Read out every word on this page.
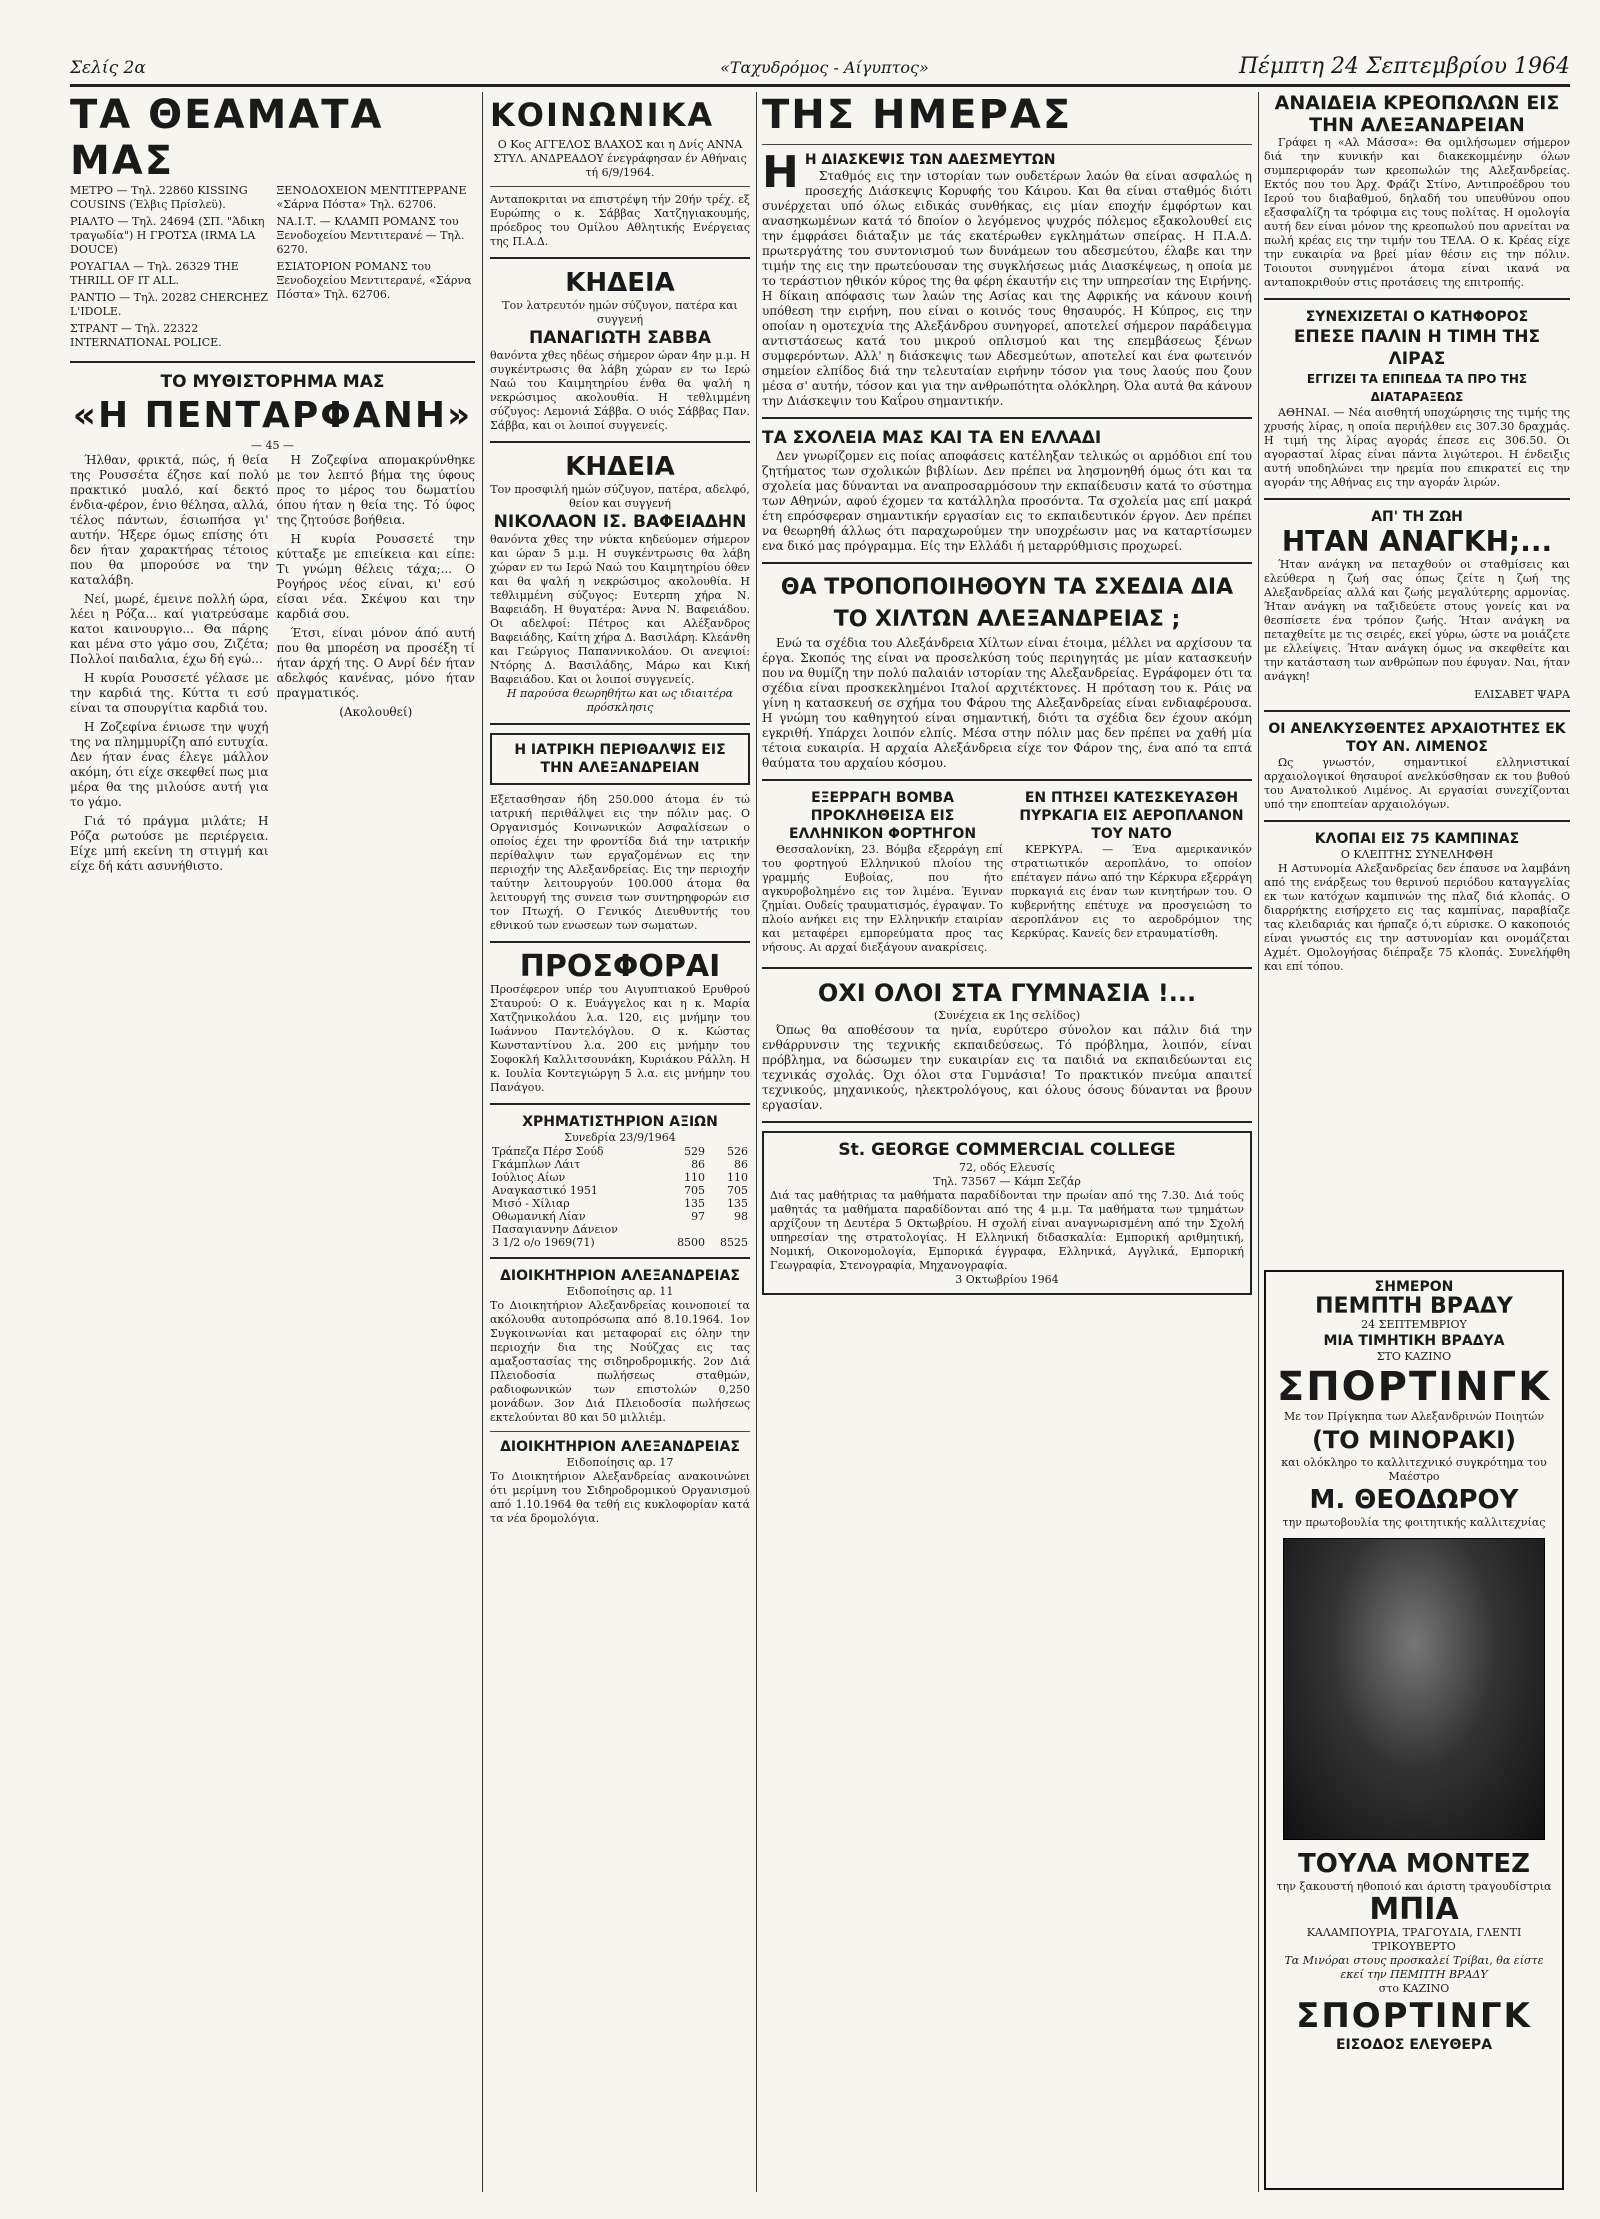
Σελίς 2α	«Ταχυδρόμος - Αίγυπτος»	Πέμπτη 24 Σεπτεμβρίου 1964
ΤΑ ΘΕΑΜΑΤΑ ΜΑΣ
ΜΕΤΡΟ — Τηλ. 22860 KISSING COUSINS (Έλβις Πρίσλεϋ).
ΡΙΑΛΤΟ — Τηλ. 24694 (ΣΠ. "Άδικη τραγωδία") Η ΓΡΟΤΣΑ (IRMA LA DOUCE)
ΡΟΥΑΓΙΑΛ — Τηλ. 26329 THE THRILL OF IT ALL.
ΡΑΝΤΙΟ — Τηλ. 20282 CHERCHEZ L'IDOLE.
ΣΤΡΑΝΤ — Τηλ. 22322 INTERNATIONAL POLICE.
ΞΕΝΟΔΟΧΕΙΟΝ ΜΕΝΤΙΤΕΡΡΑΝΕ «Σάρνα Πόστα» Τηλ. 62706.
ΝΑ.Ι.Τ. — ΚΛΑΜΠ ΡΟΜΑΝΣ του Ξενοδοχείου Μεντιτερανέ — Τηλ. 6270.
ΕΣΙΑΤΟΡΙΟΝ ΡΟΜΑΝΣ του Ξενοδοχείου Μεντιτερανέ, «Σάρνα Πόστα» Τηλ. 62706.
ΤΟ ΜΥΘΙΣΤΟΡΗΜΑ ΜΑΣ
«Η ΠΕΝΤΑΡΦΑΝΗ»
— 45 —

Ήλθαν, φρικτά, πώς, ή θεία της Ρουσσέτα έζησε καί πολύ πρακτικό μυαλό, καί δεκτό ένδια-φέρον, ένιο θέλησα, αλλά, τέλος πάντων, έσιωπήσα γι' αυτήν. Ήξερε όμως επίσης ότι δεν ήταν χαρακτήρας τέτοιος που θα μπορούσε να την καταλάβη.

Νεί, μωρέ, έμεινε πολλή ώρα, λέει η Ρόζα... καί γιατρεύσαμε κατοι καινουργιο... Θα πάρης και μένα στο γάμο σου, Ζιζέτα; Πολλοί παιδαλια, έχω δή εγώ...

Η κυρία Ρουσσετέ γέλασε με την καρδιά της. Κύττα τι εσύ είναι τα σπουργίτια καρδιά του.

Η Ζοζεφίνα ένιωσε την ψυχή της να πλημμυρίζη από ευτυχία. Δεν ήταν ένας έλεγε μάλλον ακόμη, ότι είχε σκεφθεί πως μια μέρα θα της μιλούσε αυτή για το γάμο.

Γιά τό πράγμα μιλάτε; Η Ρόζα ρωτούσε με περιέργεια. Είχε μπή εκείνη τη στιγμή και είχε δή κάτι ασυνήθιστο.

Η Ζοζεφίνα απομακρύνθηκε με τον λεπτό βήμα της ύφους προς το μέρος του δωματίου όπου ήταν η θεία της. Τό ύφος της ζητούσε βοήθεια.

Η κυρία Ρουσσετέ την κύτταξε με επιείκεια και είπε: Τι γνώμη θέλεις τάχα;... Ο Ρογήρος νέος είναι, κι' εσύ είσαι νέα. Σκέψου και την καρδιά σου.

Έτσι, είναι μόνον άπό αυτή που θα μπορέση να προσέξη τί ήταν άρχή της. Ο Ανρί δέν ήταν αδελφός κανένας, μόνο ήταν πραγματικός.

(Ακολουθεί)

ΚΟΙΝΩΝΙΚΑ
Ο Κος ΑΓΓΕΛΟΣ ΒΛΑΧΟΣ και η Δνίς ΑΝΝΑ ΣΤΥΛ. ΑΝΔΡΕΑΔΟΥ ένεγράφησαν έν Αθήναις τή 6/9/1964.
Ανταποκριται να επιστρέψη τήν 20ήν τρέχ. εξ Ευρώπης ο κ. Σάββας Χατζηγιακουμής, πρόεδρος του Ομίλου Αθλητικής Ενέργειας της Π.Α.Δ.
ΚΗΔΕΙΑ
Τον λατρευτόν ημών σύζυγον, πατέρα και συγγενή
ΠΑΝΑΓΙΩΤΗ ΣΑΒΒΑ
θανόντα χθες ηδέως σήμερον ώραν 4ην μ.μ. Η συγκέντρωσις θα λάβη χώραν εν τω Ιερώ Ναώ του Καιμητηρίου ένθα θα ψαλή η νεκρώσιμος ακολουθία. Η τεθλιμμένη σύζυγος: Λεμονιά Σάββα. Ο υιός Σάββας Παν. Σάββα, και οι λοιποί συγγενείς.
ΚΗΔΕΙΑ
Τον προσφιλή ημών σύζυγον, πατέρα, αδελφό, θείον και συγγενή
ΝΙΚΟΛΑΟΝ ΙΣ. ΒΑΦΕΙΑΔΗΝ
θανόντα χθες την νύκτα κηδεύομεν σήμερον και ώραν 5 μ.μ. Η συγκέντρωσις θα λάβη χώραν εν τω Ιερώ Ναώ του Καιμητηρίου όθεν και θα ψαλή η νεκρώσιμος ακολουθία. Η τεθλιμμένη σύζυγος: Ευτερπη χήρα Ν. Βαφειάδη. Η θυγατέρα: Άννα Ν. Βαφειάδου. Οι αδελφοί: Πέτρος και Αλέξανδρος Βαφειάδης, Καίτη χήρα Δ. Βασιλάρη. Κλεάνθη και Γεώργιος Παπαννικολάου. Οι ανεψιοί: Ντόρης Δ. Βασιλάδης, Μάρω και Κική Βαφειάδου. Και οι λοιποί συγγενείς.
Η παρούσα θεωρηθήτω και ως ιδιαιτέρα πρόσκλησις
Η ΙΑΤΡΙΚΗ ΠΕΡΙΘΑΛΨΙΣ ΕΙΣ ΤΗΝ ΑΛΕΞΑΝΔΡΕΙΑΝ
Εξετασθησαν ήδη 250.000 άτομα έν τώ ιατρική περιθάλψει εις την πόλιν μας. Ο Οργανισμός Κοινωνικών Ασφαλίσεων ο οποίος έχει την φροντίδα διά την ιατρικήν περίθαλψιν των εργαζομένων εις την περιοχήν της Αλεξανδρείας. Εις την περιοχήν ταύτην λειτουργούν 100.000 άτομα θα λειτουργή της συνεισ των συντηρηφορών εισ τον Πτωχή. Ο Γενικός Διευθυντής του εθνικού των ενωσεων των σωματων.
ΠΡΟΣΦΟΡΑΙ
Προσέφερον υπέρ του Αιγυπτιακού Ερυθρού Σταυρού: Ο κ. Ευάγγελος και η κ. Μαρία Χατζηνικολάου λ.α. 120, εις μνήμην του Ιωάννου Παντελόγλου. Ο κ. Κώστας Κωνσταντίνου λ.α. 200 εις μνήμην του Σοφοκλή Καλλιτσουνάκη, Κυριάκου Ράλλη. Η κ. Ιουλία Κοντεγιώργη 5 λ.α. εις μνήμην του Πανάγου.
ΧΡΗΜΑΤΙΣΤΗΡΙΟΝ ΑΞΙΩΝ
Συνεδρία 23/9/1964
Τράπεζα Πέρσ Σούδ	529	526
Γκάμπλων Λάιτ	86	86
Ιούλιος Αίων	110	110
Αναγκαστικό 1951	705	705
Μισό - Χίλιαρ	135	135
Οθωμανική Λίαν	97	98
Πασαγιαννην Δάνειον		
3 1/2 ο/ο 1969(71)	8500	8525
ΔΙΟΙΚΗΤΗΡΙΟΝ ΑΛΕΞΑΝΔΡΕΙΑΣ
Ειδοποίησις αρ. 11
Το Διοικητήριον Αλεξανδρείας κοινοποιεί τα ακόλουθα αυτοπρόσωπα από 8.10.1964. 1ον Συγκοινωνίαι και μεταφοραί εις όλην την περιοχήν δια της Νούζχας εις τας αμαξοστασίας της σιδηροδρομικής. 2ον Διά Πλειοδοσία πωλήσεως σταθμών, ραδιοφωνικών των επιστολών 0,250 μονάδων. 3ον Διά Πλειοδοσία πωλήσεως εκτελούνται 80 και 50 μιλλιέμ.
ΔΙΟΙΚΗΤΗΡΙΟΝ ΑΛΕΞΑΝΔΡΕΙΑΣ
Ειδοποίησις αρ. 17
Το Διοικητήριον Αλεξανδρείας ανακοινώνει ότι μερίμνη του Σιδηροδρομικού Οργανισμού από 1.10.1964 θα τεθή εις κυκλοφορίαν κατά τα νέα δρομολόγια.
ΤΗΣ ΗΜΕΡΑΣ
Η Η ΔΙΑΣΚΕΨΙΣ ΤΩΝ ΑΔΕΣΜΕΥΤΩΝ

Σταθμός εις την ιστορίαν των ουδετέρων λαών θα είναι ασφαλώς η προσεχής Διάσκεψις Κορυφής του Κάιρου. Και θα είναι σταθμός διότι συνέρχεται υπό όλως ειδικάς συνθήκας, εις μίαν εποχήν έμφόρτων και ανασηκωμένων κατά τό δποίον ο λεγόμενος ψυχρός πόλεμος εξακολουθεί εις την έμφράσει διάταξιν με τάς εκατέρωθεν εγκλημάτων σπείρας. Η Π.Α.Δ. πρωτεργάτης του συντονισμού των δυνάμεων του αδεσμεύτου, έλαβε και την τιμήν της εις την πρωτεύουσαν της συγκλήσεως μιάς Διασκέψεως, η οποία με το τεράστιον ηθικόν κύρος της θα φέρη έκαυτήν εις την υπηρεσίαν της Ειρήνης. Η δίκαιη απόφασις των λαών της Ασίας και της Αφρικής να κάνουν κοινή υπόθεση την ειρήνη, που είναι ο κοινός τους θησαυρός. Η Κύπρος, εις την οποίαν η ομοτεχνία της Αλεξάνδρου συνηγορεί, αποτελεί σήμερον παράδειγμα αντιστάσεως κατά του μικρού οπλισμού και της επεμβάσεως ξένων συμφερόντων. Αλλ' η διάσκεψις των Αδεσμεύτων, αποτελεί και ένα φωτεινόν σημείον ελπίδος διά την τελευταίαν ειρήνην τόσον για τους λαούς που ζουν μέσα σ' αυτήν, τόσον και για την ανθρωπότητα ολόκληρη. Όλα αυτά θα κάνουν την Διάσκεψιν του Καΐρου σημαντικήν.

ΤΑ ΣΧΟΛΕΙΑ ΜΑΣ ΚΑΙ ΤΑ ΕΝ ΕΛΛΑΔΙ

Δεν γνωρίζομεν εις ποίας αποφάσεις κατέληξαν τελικώς οι αρμόδιοι επί του ζητήματος των σχολικών βιβλίων. Δεν πρέπει να λησμονηθή όμως ότι και τα σχολεία μας δύνανται να αναπροσαρμόσουν την εκπαίδευσιν κατά το σύστημα των Αθηνών, αφού έχομεν τα κατάλληλα προσόντα. Τα σχολεία μας επί μακρά έτη επρόσφεραν σημαντικήν εργασίαν εις το εκπαιδευτικόν έργον. Δεν πρέπει να θεωρηθή άλλως ότι παραχωρούμεν την υποχρέωσιν μας να καταρτίσωμεν ενα δικό μας πρόγραμμα. Είς την Ελλάδι ή μεταρρύθμισις προχωρεί.

ΘΑ ΤΡΟΠΟΠΟΙΗΘΟΥΝ ΤΑ ΣΧΕΔΙΑ ΔΙΑ ΤΟ ΧΙΛΤΩΝ ΑΛΕΞΑΝΔΡΕΙΑΣ ;

Ενώ τα σχέδια του Αλεξάνδρεια Χίλτων είναι έτοιμα, μέλλει να αρχίσουν τα έργα. Σκοπός της είναι να προσελκύση τούς περιηγητάς με μίαν κατασκευήν που να θυμίζη την πολύ παλαιάν ιστορίαν της Αλεξανδρείας. Εγράφομεν ότι τα σχέδια είναι προσκεκλημένοι Ιταλοί αρχιτέκτονες. Η πρόταση του κ. Ράις να γίνη η κατασκευή σε σχήμα του Φάρου της Αλεξανδρείας είναι ενδιαφέρουσα. Η γνώμη του καθηγητού είναι σημαντική, διότι τα σχέδια δεν έχουν ακόμη εγκριθή. Υπάρχει λοιπόν ελπίς. Μέσα στην πόλιν μας δεν πρέπει να χαθή μία τέτοια ευκαιρία. Η αρχαία Αλεξάνδρεια είχε τον Φάρον της, ένα από τα επτά θαύματα του αρχαίου κόσμου.

ΕΞΕΡΡΑΓΗ ΒΟΜΒΑ ΠΡΟΚΛΗΘΕΙΣΑ ΕΙΣ ΕΛΛΗΝΙΚΟΝ ΦΟΡΤΗΓΟΝ

Θεσσαλονίκη, 23. Βόμβα εξερράγη επί του φορτηγού Ελληνικού πλοίου της γραμμής Ευβοίας, που ήτο αγκυροβολημένο εις τον λιμένα. Έγιναν ζημίαι. Ουδείς τραυματισμός, έγραψαν. Το πλοίο ανήκει εις την Ελληνικήν εταιρίαν και μεταφέρει εμπορεύματα προς τας νήσους. Αι αρχαί διεξάγουν ανακρίσεις.

ΕΝ ΠΤΗΣΕΙ ΚΑΤΕΣΚΕΥΑΣΘΗ ΠΥΡΚΑΓΙΑ ΕΙΣ ΑΕΡΟΠΛΑΝΟΝ ΤΟΥ ΝΑΤΟ

ΚΕΡΚΥΡΑ. — Ένα αμερικανικόν στρατιωτικόν αεροπλάνο, το οποίον επέταγεν πάνω από την Κέρκυρα εξερράγη πυρκαγιά εις έναν των κινητήρων του. Ο κυβερνήτης επέτυχε να προσγειώση το αεροπλάνον εις το αεροδρόμιον της Κερκύρας. Κανείς δεν ετραυματίσθη.

ΟΧΙ ΟΛΟΙ ΣΤΑ ΓΥΜΝΑΣΙΑ !...
(Συνέχεια εκ 1ης σελίδος)

Όπως θα αποθέσουν τα ηνία, ευρύτερο σύνολον και πάλιν διά την ενθάρρυνσιν της τεχνικής εκπαιδεύσεως. Τό πρόβλημα, λοιπόν, είναι πρόβλημα, να δώσωμεν την ευκαιρίαν εις τα παιδιά να εκπαιδεύωνται εις τεχνικάς σχολάς. Όχι όλοι στα Γυμνάσια! Το πρακτικόν πνεύμα απαιτεί τεχνικούς, μηχανικούς, ηλεκτρολόγους, και όλους όσους δύνανται να βρουν εργασίαν.

St. GEORGE COMMERCIAL COLLEGE
72, οδός Ελευσίς
Τηλ. 73567 — Κάμπ Σεζάρ
Διά τας μαθήτριας τα μαθήματα παραδίδονται την πρωίαν από της 7.30. Διά τούς μαθητάς τα μαθήματα παραδίδονται από της 4 μ.μ. Τα μαθήματα των τμημάτων αρχίζουν τη Δευτέρα 5 Οκτωβρίου. Η σχολή είναι αναγνωρισμένη από την Σχολή υπηρεσίαν της στρατολογίας. Η Ελληνική διδασκαλία: Εμπορική αριθμητική, Νομική, Οικονομολογία, Εμπορικά έγγραφα, Ελληνικά, Αγγλικά, Εμπορική Γεωγραφία, Στενογραφία, Μηχανογραφία.
3 Οκτωβρίου 1964
ΑΝΑΙΔΕΙΑ ΚΡΕΟΠΩΛΩΝ ΕΙΣ ΤΗΝ ΑΛΕΞΑΝΔΡΕΙΑΝ

Γράφει η «Αλ Μάσσα»: Θα ομιλήσωμεν σήμερον διά την κυνικήν και διακεκομμένην όλων συμπεριφοράν των κρεοπωλών της Αλεξανδρείας. Εκτός που του Άρχ. Φράζι Στίνο, Αντιπροέδρου του Ιερού του διαβαθμού, δηλαδή του υπευθύνου οπου εξασφαλίζη τα τρόφιμα εις τους πολίτας. Η ομολογία αυτή δεν είναι μόνον της κρεοπωλού που αρνείται να πωλή κρέας εις την τιμήν του ΤΕΛΑ. Ο κ. Κρέας είχε την ευκαιρία να βρεί μίαν θέσιν εις την πόλιν. Τοιουτοι συνηγμένοι άτομα είναι ικανά να ανταποκριθούν στις προτάσεις της επιτροπής.

ΣΥΝΕΧΙΖΕΤΑΙ Ο ΚΑΤΗΦΟΡΟΣ
ΕΠΕΣΕ ΠΑΛΙΝ Η ΤΙΜΗ ΤΗΣ ΛΙΡΑΣ
ΕΓΓΙΖΕΙ ΤΑ ΕΠΙΠΕΔΑ ΤΑ ΠΡΟ ΤΗΣ ΔΙΑΤΑΡΑΞΕΩΣ

ΑΘΗΝΑΙ. — Νέα αισθητή υποχώρησις της τιμής της χρυσής λίρας, η οποία περιήλθεν εις 307.30 δραχμάς. Η τιμή της λίρας αγοράς έπεσε εις 306.50. Οι αγορασταί λίρας είναι πάντα λιγώτεροι. Η ένδειξις αυτή υποδηλώνει την ηρεμία που επικρατεί εις την αγοράν της Αθήνας εις την αγοράν λιρών.

ΑΠ' ΤΗ ΖΩΗ
ΗΤΑΝ ΑΝΑΓΚΗ;...

Ήταν ανάγκη να πεταχθούν οι σταθμίσεις και ελεύθερα η ζωή σας όπως ζείτε η ζωή της Αλεξανδρείας αλλά και ζωής μεγαλύτερης αρμονίας. Ήταν ανάγκη να ταξιδεύετε στους γονείς και να θεσπίσετε ένα τρόπον ζωής. Ήταν ανάγκη να πεταχθείτε με τις σειρές, εκεί γύρω, ώστε να μοιάζετε με ελλείψεις. Ήταν ανάγκη όμως να σκεφθείτε και την κατάσταση των ανθρώπων που έφυγαν. Ναι, ήταν ανάγκη!

ΕΛΙΣΑΒΕΤ ΨΑΡΑ
ΟΙ ΑΝΕΛΚΥΣΘΕΝΤΕΣ ΑΡΧΑΙΟΤΗΤΕΣ ΕΚ ΤΟΥ ΑΝ. ΛΙΜΕΝΟΣ

Ως γνωστόν, σημαντικοί ελληνιστικαί αρχαιολογικοί θησαυροί ανελκύσθησαν εκ του βυθού του Ανατολικού Λιμένος. Αι εργασίαι συνεχίζονται υπό την εποπτείαν αρχαιολόγων.

ΚΛΟΠΑΙ ΕΙΣ 75 ΚΑΜΠΙΝΑΣ
Ο ΚΛΕΠΤΗΣ ΣΥΝΕΛΗΦΘΗ

Η Αστυνομία Αλεξανδρείας δεν έπαυσε να λαμβάνη από της ενάρξεως του θερινού περιόδου καταγγελίας εκ των κατόχων καμπινών της πλαζ διά κλοπάς. Ο διαρρήκτης εισήρχετο εις τας καμπίνας, παραβίαζε τας κλειδαριάς και ήρπαζε ό,τι εύρισκε. Ο κακοποιός είναι γνωστός εις την αστυνομίαν και ονομάζεται Αχμέτ. Ομολογήσας διέπραξε 75 κλοπάς. Συνελήφθη και επί τόπου.

ΣΗΜΕΡΟΝ
ΠΕΜΠΤΗ ΒΡΑΔΥ
24 ΣΕΠΤΕΜΒΡΙΟΥ
ΜΙΑ ΤΙΜΗΤΙΚΗ ΒΡΑΔΥΑ
ΣΤΟ ΚΑΖΙΝΟ
ΣΠΟΡΤΙΝΓΚ
Με τον Πρίγκηπα των Αλεξανδρινών Ποιητών
(ΤΟ ΜΙΝΟΡΑΚΙ)
και ολόκληρο το καλλιτεχνικό συγκρότημα του Μαέστρο
Μ. ΘΕΟΔΩΡΟΥ
την πρωτοβουλία της φοιτητικής καλλιτεχνίας
ΤΟΥΛΑ ΜΟΝΤΕΖ
την ξακουστή ηθοποιό και άριστη τραγουδίστρια
ΜΠΙΑ
ΚΑΛΑΜΠΟΥΡΙΑ, ΤΡΑΓΟΥΔΙΑ, ΓΛΕΝΤΙ ΤΡΙΚΟΥΒΕΡΤΟ
Τα Μινόραι στους προσκαλεί Τρίβαι, θα είστε εκεί την ΠΕΜΠΤΗ ΒΡΑΔΥ
στο ΚΑΖΙΝΟ
ΣΠΟΡΤΙΝΓΚ
ΕΙΣΟΔΟΣ ΕΛΕΥΘΕΡΑ
